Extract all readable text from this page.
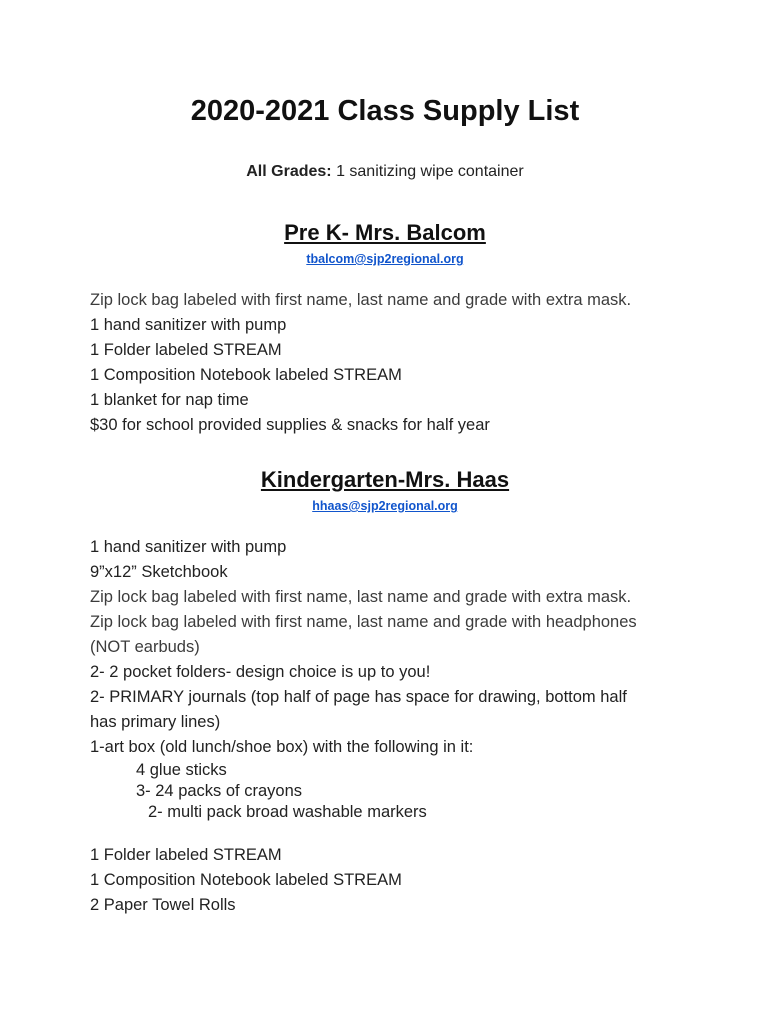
2020-2021 Class Supply List
All Grades: 1 sanitizing wipe container
Pre K- Mrs. Balcom
tbalcom@sjp2regional.org
Zip lock bag labeled with first name, last name and grade with extra mask.
1 hand sanitizer with pump
1 Folder labeled STREAM
1 Composition Notebook labeled STREAM
1 blanket for nap time
$30 for school provided supplies & snacks for half year
Kindergarten-Mrs. Haas
hhaas@sjp2regional.org
1 hand sanitizer with pump
9”x12” Sketchbook
Zip lock bag labeled with first name, last name and grade with extra mask.
Zip lock bag labeled with first name, last name and grade with headphones
(NOT earbuds)
2- 2 pocket folders- design choice is up to you!
2- PRIMARY journals (top half of page has space for drawing, bottom half
has primary lines)
1-art box (old lunch/shoe box) with the following in it:
4 glue sticks
3- 24 packs of crayons
2- multi pack broad washable markers
1 Folder labeled STREAM
1 Composition Notebook labeled STREAM
2 Paper Towel Rolls
